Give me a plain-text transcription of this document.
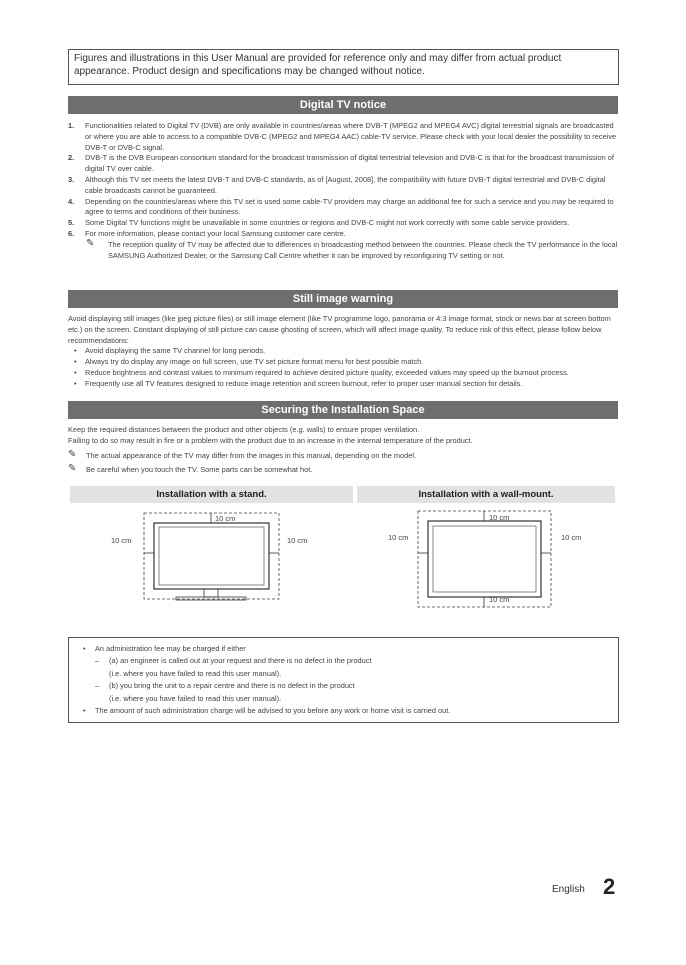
Figures and illustrations in this User Manual are provided for reference only and may differ from actual product appearance. Product design and specifications may be changed without notice.
Digital TV notice
1. Functionalities related to Digital TV (DVB) are only available in countries/areas where DVB-T (MPEG2 and MPEG4 AVC) digital terrestrial signals are broadcasted or where you are able to access to a compatible DVB-C (MPEG2 and MPEG4 AAC) cable-TV service. Please check with your local dealer the possibility to receive DVB-T or DVB-C signal.
2. DVB-T is the DVB European consortium standard for the broadcast transmission of digital terrestrial television and DVB-C is that for the broadcast transmission of digital TV over cable.
3. Although this TV set meets the latest DVB-T and DVB-C standards, as of [August, 2008], the compatibility with future DVB-T digital terrestrial and DVB-C digital cable broadcasts cannot be guaranteed.
4. Depending on the countries/areas where this TV set is used some cable-TV providers may charge an additional fee for such a service and you may be required to agree to terms and conditions of their business.
5. Some Digital TV functions might be unavailable in some countries or regions and DVB-C might not work correctly with some cable service providers.
6. For more information, please contact your local Samsung customer care centre.
✎ The reception quality of TV may be affected due to differences in broadcasting method between the countries. Please check the TV performance in the local SAMSUNG Authorized Dealer, or the Samsung Call Centre whether it can be improved by reconfiguring TV setting or not.
Still image warning
Avoid displaying still images (like jpeg picture files) or still image element (like TV programme logo, panorama or 4:3 image format, stock or news bar at screen bottom etc.) on the screen. Constant displaying of still picture can cause ghosting of screen, which will affect image quality. To reduce risk of this effect, please follow below recommendations:
• Avoid displaying the same TV channel for long periods.
• Always try do display any image on full screen, use TV set picture format menu for best possible match.
• Reduce brightness and contrast values to minimum required to achieve desired picture quality, exceeded values may speed up the burnout process.
• Frequently use all TV features designed to reduce image retention and screen burnout, refer to proper user manual section for details.
Securing the Installation Space
Keep the required distances between the product and other objects (e.g. walls) to ensure proper ventilation.
Failing to do so may result in fire or a problem with the product due to an increase in the internal temperature of the product.
✎ The actual appearance of the TV may differ from the images in this manual, depending on the model.
✎ Be careful when you touch the TV. Some parts can be somewhat hot.
Installation with a stand.	Installation with a wall-mount.
10 cm
10 cm	10 cm
10 cm
10 cm
10 cm	10 cm
• An administration fee may be charged if either
– (a) an engineer is called out at your request and there is no defect in the product
(i.e. where you have failed to read this user manual).
– (b) you bring the unit to a repair centre and there is no defect in the product
(i.e. where you have failed to read this user manual).
• The amount of such administration charge will be advised to you before any work or home visit is carried out.
English 2
